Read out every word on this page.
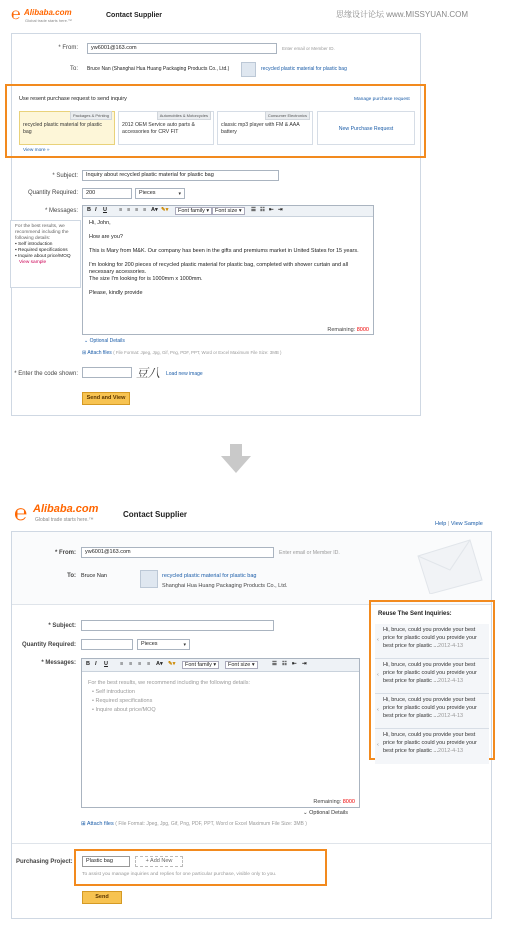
℮ Alibaba.com
Global trade starts here.™
Contact Supplier	思缘设计论坛 www.MISSYUAN.COM
* From:	yw6001@163.com	Enter email or Member ID.
To: Bruce Nan (Shanghai Hua Huang Packaging Products Co., Ltd.)	recycled plastic material for plastic bag
Use resent purchase request to send inquiry	Manage purchase request
Packages & Printing
recycled plastic material for plastic bag
Automobiles & Motorcycles
2012 OEM Service auto parts & accessories for CRV FIT
Consumer Electronics
classic mp3 player with FM & AAA battery	New Purchase Request
View more »
* Subject:	Inquiry about recycled plastic material for plastic bag
Quantity Required:	200	Pieces	▾
* Messages:
For the best results, we recommend including the following details:
▪ Self introduction
▪ Required specifications
▪ Inquire about price/MOQ
View sample
B I U ≡ ≡ ≡ ≡ A▾ ✎▾	Font family ▾	Font size ▾	☰ ☷ ⇤ ⇥

Hi, John,

How are you?

This is Mary from M&K. Our company has been in the gifts and premiums market in United States for 15 years.

I'm looking for 200 pieces of recycled plastic material for plastic bag, completed with shower curtain and all necessary accessories.

The size I'm looking for is 1000mm x 1000mm.

Please, kindly provide

Remaining: 8000
⌄ Optional Details
⊞ Attach files ( File Format: Jpeg, Jpg, Gif, Png, PDF, PPT, Word or Excel Maximum File Size: 3MB )
* Enter the code shown:	豆八 Load new image
Send and View
℮ Alibaba.com
Global trade starts here.™
Contact Supplier
Help | View Sample
* From:	yw6001@163.com	Enter email or Member ID.
To: Bruce Nan	recycled plastic material for plastic bag
Shanghai Hua Huang Packaging Products Co., Ltd.
* Subject:
Quantity Required:	Pieces	▾
* Messages: B I U ≡ ≡ ≡ ≡ A▾ ✎▾	Font family ▾	Font size ▾	☰ ☷ ⇤ ⇥
For the best results, we recommend including the following details:
• Self introduction
• Required specifications
• Inquire about price/MOQ
Remaining: 8000
⌄ Optional Details
⊞ Attach files ( File Format: Jpeg, Jpg, Gif, Png, PDF, PPT, Word or Excel Maximum File Size: 3MB )
Reuse The Sent Inquiries:
‹
Hi, bruce, could you provide your best price for plastic could you provide your best price for plastic ...2012-4-13
‹
Hi, bruce, could you provide your best price for plastic could you provide your best price for plastic ...2012-4-13
‹
Hi, bruce, could you provide your best price for plastic could you provide your best price for plastic ...2012-4-13
‹
Hi, bruce, could you provide your best price for plastic could you provide your best price for plastic ...2012-4-13
Purchasing Project:	Plastic bag	+ Add New
To assist you manage inquiries and replies for one particular purchase, visible only to you.
Send
